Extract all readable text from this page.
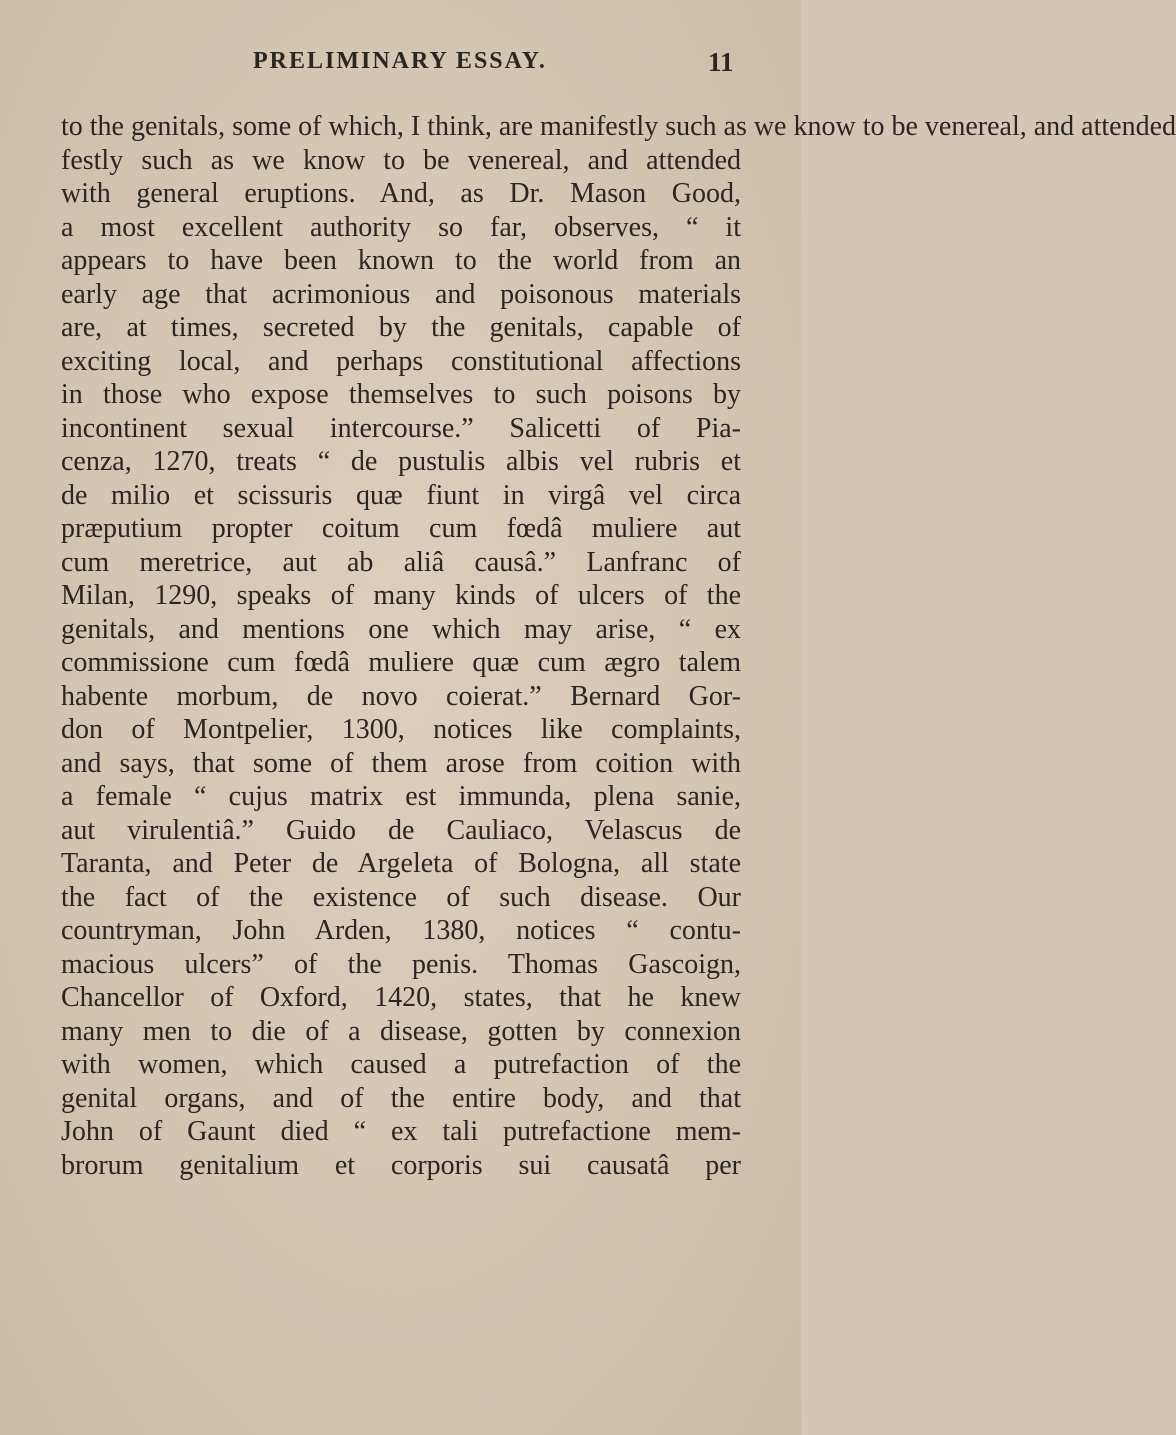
PRELIMINARY ESSAY.	11
to the genitals, some of which, I think, are manifestly such as we know to be venereal, and attended
festly such as we know to be venereal, and attended
with general eruptions. And, as Dr. Mason Good,
a most excellent authority so far, observes, “ it
appears to have been known to the world from an
early age that acrimonious and poisonous materials
are, at times, secreted by the genitals, capable of
exciting local, and perhaps constitutional affections
in those who expose themselves to such poisons by
incontinent sexual intercourse.” Salicetti of Pia-
cenza, 1270, treats “ de pustulis albis vel rubris et
de milio et scissuris quæ fiunt in virgâ vel circa
præputium propter coitum cum fœdâ muliere aut
cum meretrice, aut ab aliâ causâ.” Lanfranc of
Milan, 1290, speaks of many kinds of ulcers of the
genitals, and mentions one which may arise, “ ex
commissione cum fœdâ muliere quæ cum ægro talem
habente morbum, de novo coierat.” Bernard Gor-
don of Montpelier, 1300, notices like complaints,
and says, that some of them arose from coition with
a female “ cujus matrix est immunda, plena sanie,
aut virulentiâ.” Guido de Cauliaco, Velascus de
Taranta, and Peter de Argeleta of Bologna, all state
the fact of the existence of such disease. Our
countryman, John Arden, 1380, notices “ contu-
macious ulcers” of the penis. Thomas Gascoign,
Chancellor of Oxford, 1420, states, that he knew
many men to die of a disease, gotten by connexion
with women, which caused a putrefaction of the
genital organs, and of the entire body, and that
John of Gaunt died “ ex tali putrefactione mem-
brorum genitalium et corporis sui causatâ per
